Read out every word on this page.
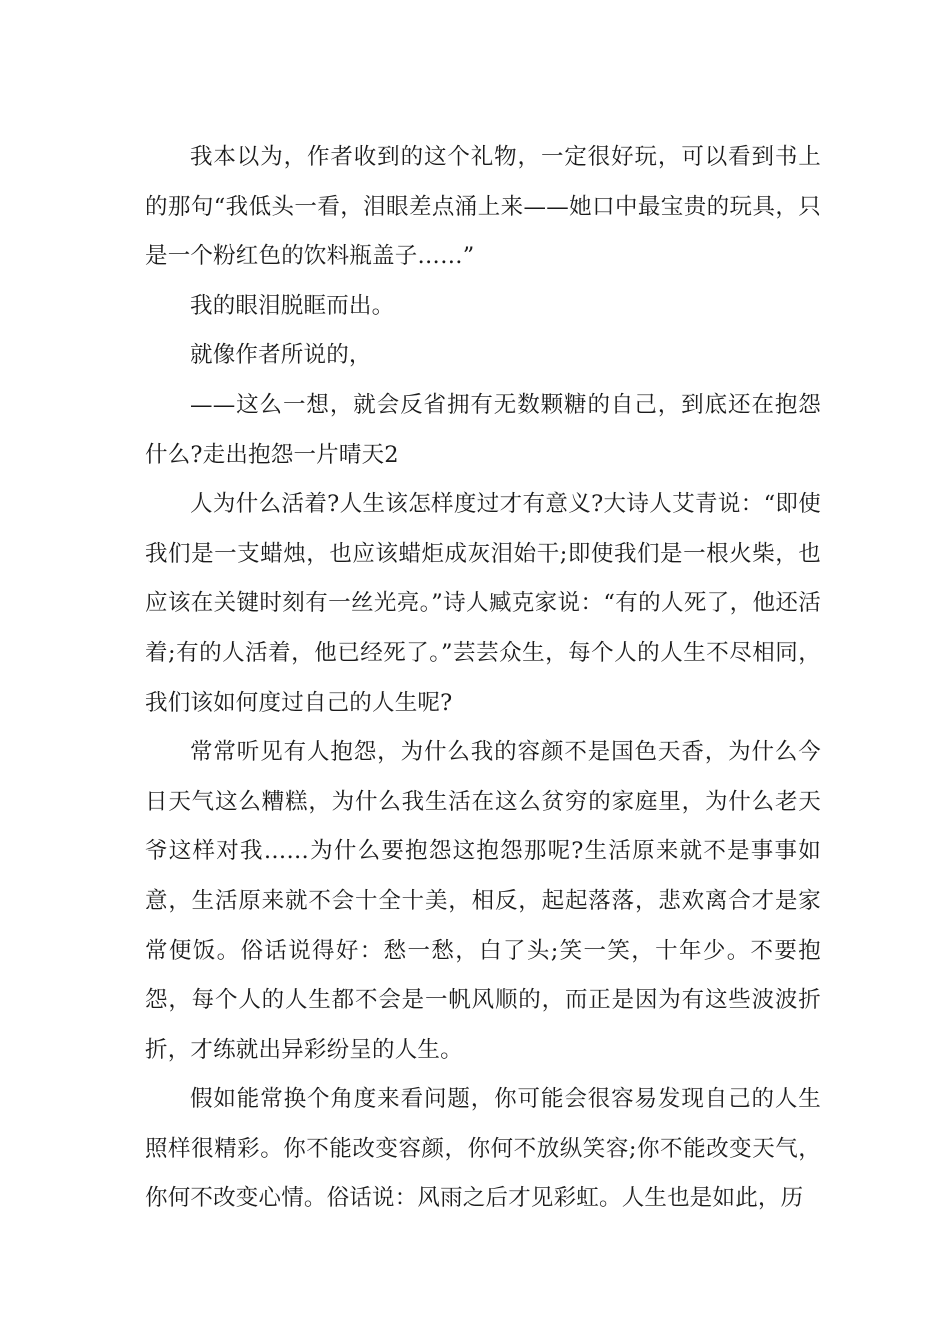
我本以为，作者收到的这个礼物，一定很好玩，可以看到书上的那句“我低头一看，泪眼差点涌上来——她口中最宝贵的玩具，只是一个粉红色的饮料瓶盖子……”

我的眼泪脱眶而出。

就像作者所说的，

——这么一想，就会反省拥有无数颗糖的自己，到底还在抱怨什么?走出抱怨一片晴天2

人为什么活着?人生该怎样度过才有意义?大诗人艾青说：“即使我们是一支蜡烛，也应该蜡炬成灰泪始干;即使我们是一根火柴，也应该在关键时刻有一丝光亮。”诗人臧克家说：“有的人死了，他还活着;有的人活着，他已经死了。”芸芸众生，每个人的人生不尽相同，我们该如何度过自己的人生呢?

常常听见有人抱怨，为什么我的容颜不是国色天香，为什么今日天气这么糟糕，为什么我生活在这么贫穷的家庭里，为什么老天爷这样对我……为什么要抱怨这抱怨那呢?生活原来就不是事事如意，生活原来就不会十全十美，相反，起起落落，悲欢离合才是家常便饭。俗话说得好：愁一愁，白了头;笑一笑，十年少。不要抱怨，每个人的人生都不会是一帆风顺的，而正是因为有这些波波折折，才练就出异彩纷呈的人生。

假如能常换个角度来看问题，你可能会很容易发现自己的人生照样很精彩。你不能改变容颜，你何不放纵笑容;你不能改变天气，你何不改变心情。俗话说：风雨之后才见彩虹。人生也是如此，历
